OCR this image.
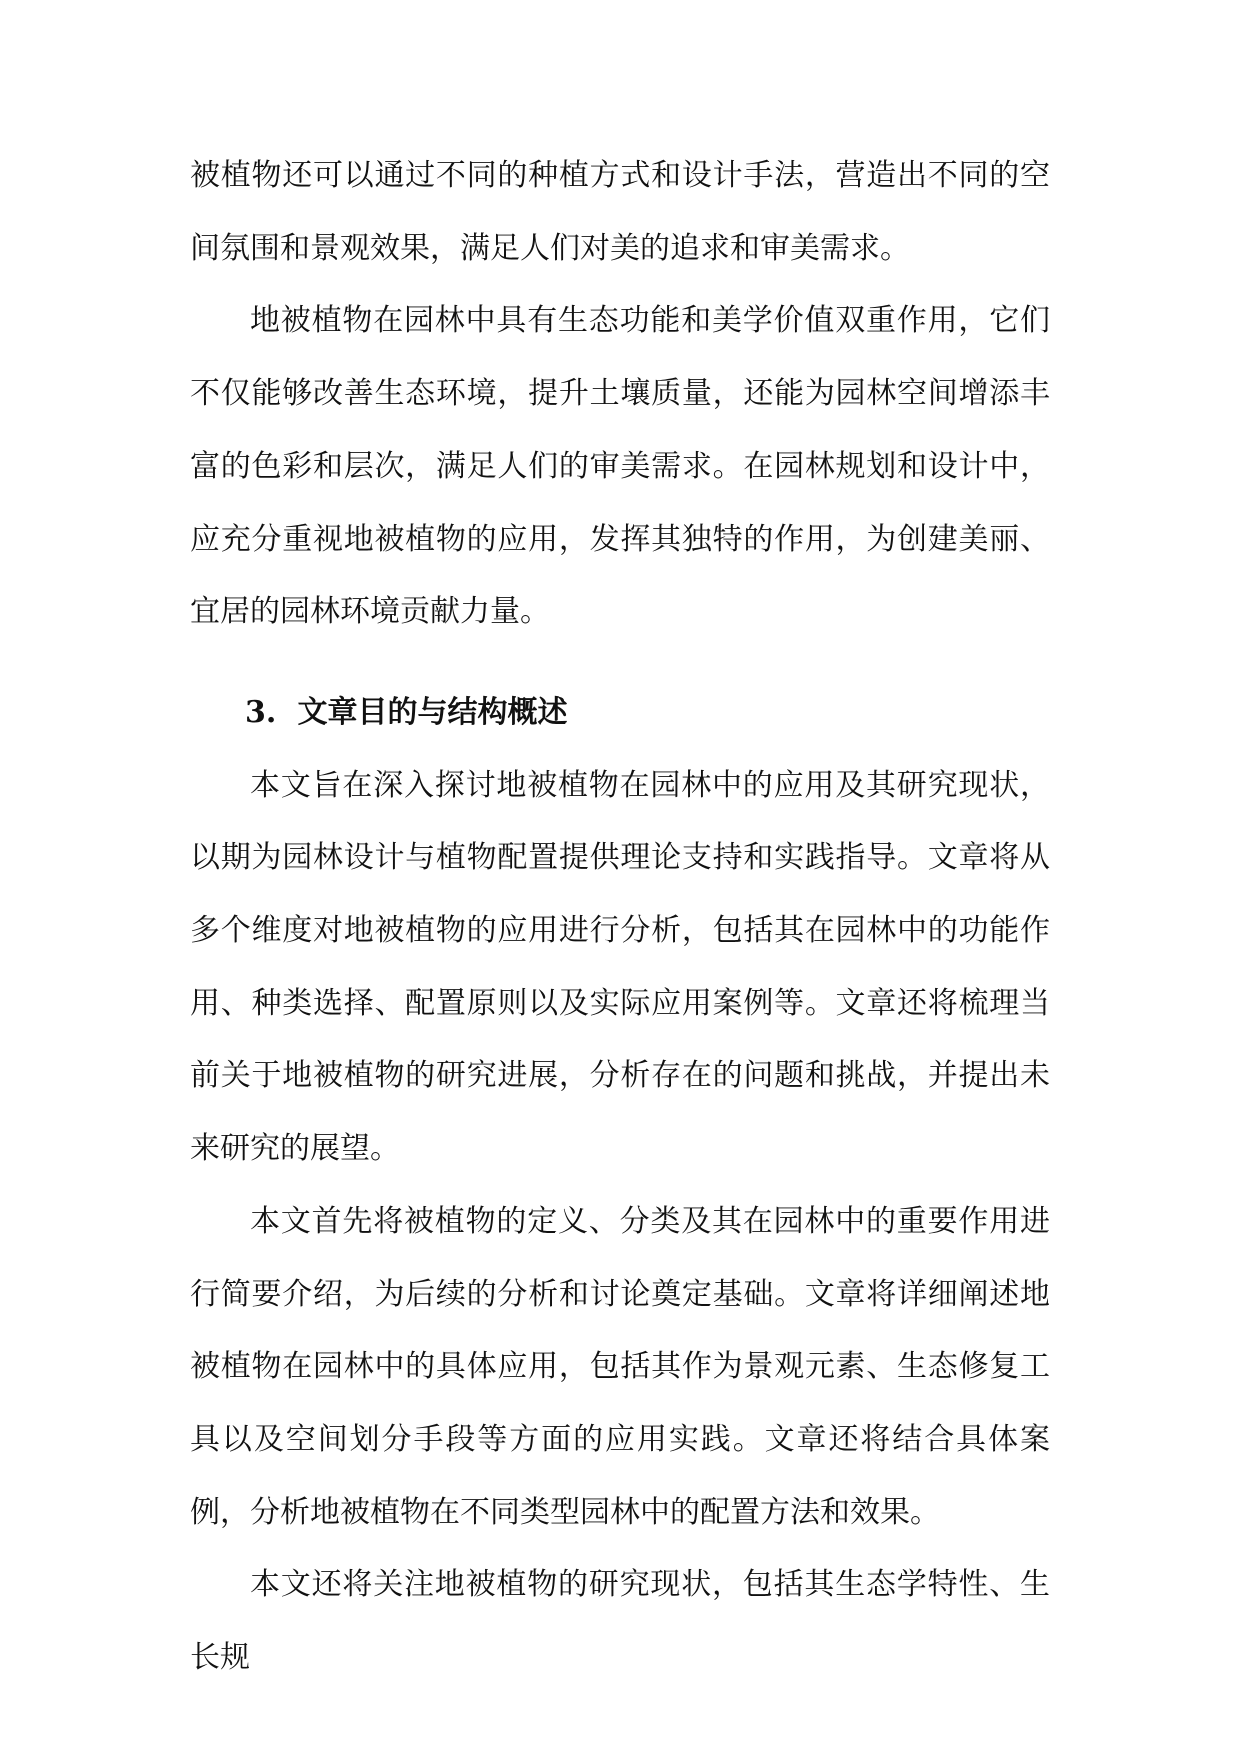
被植物还可以通过不同的种植方式和设计手法，营造出不同的空间氛围和景观效果，满足人们对美的追求和审美需求。

地被植物在园林中具有生态功能和美学价值双重作用，它们不仅能够改善生态环境，提升土壤质量，还能为园林空间增添丰富的色彩和层次，满足人们的审美需求。在园林规划和设计中，应充分重视地被植物的应用，发挥其独特的作用，为创建美丽、宜居的园林环境贡献力量。

3. 文章目的与结构概述

本文旨在深入探讨地被植物在园林中的应用及其研究现状，以期为园林设计与植物配置提供理论支持和实践指导。文章将从多个维度对地被植物的应用进行分析，包括其在园林中的功能作用、种类选择、配置原则以及实际应用案例等。文章还将梳理当前关于地被植物的研究进展，分析存在的问题和挑战，并提出未来研究的展望。

本文首先将被植物的定义、分类及其在园林中的重要作用进行简要介绍，为后续的分析和讨论奠定基础。文章将详细阐述地被植物在园林中的具体应用，包括其作为景观元素、生态修复工具以及空间划分手段等方面的应用实践。文章还将结合具体案例，分析地被植物在不同类型园林中的配置方法和效果。

本文还将关注地被植物的研究现状，包括其生态学特性、生长规
